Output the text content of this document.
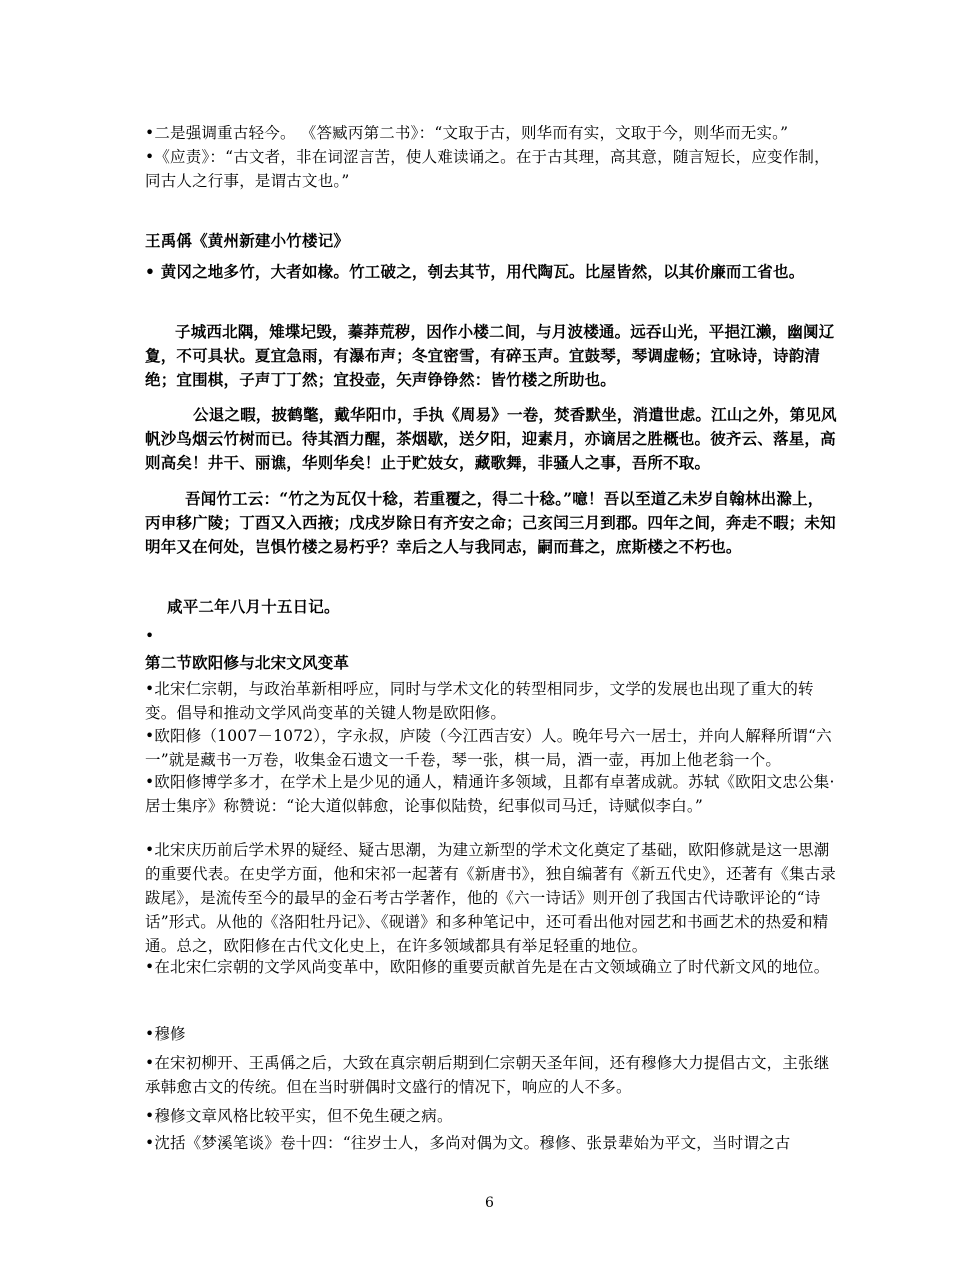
•二是强调重古轻今。 《答臧丙第二书》：“文取于古，则华而有实，文取于今，则华而无实。”

•《应责》：“古文者，非在词涩言苦，使人难读诵之。在于古其理，高其意，随言短长，应变作制，同古人之行事，是谓古文也。”

王禹偁《黄州新建小竹楼记》

• 黄冈之地多竹，大者如椽。竹工破之，刳去其节，用代陶瓦。比屋皆然，以其价廉而工省也。

子城西北隅，雉堞圮毁，蓁莽荒秽，因作小楼二间，与月波楼通。远吞山光，平挹江濑，幽阒辽夐，不可具状。夏宜急雨，有瀑布声；冬宜密雪，有碎玉声。宜鼓琴，琴调虚畅；宜咏诗，诗韵清绝；宜围棋，子声丁丁然；宜投壶，矢声铮铮然：皆竹楼之所助也。

公退之暇，披鹤氅，戴华阳巾，手执《周易》一卷，焚香默坐，消遣世虑。江山之外，第见风帆沙鸟烟云竹树而已。待其酒力醒，茶烟歇，送夕阳，迎素月，亦谪居之胜概也。彼齐云、落星，高则高矣！井干、丽谯，华则华矣！止于贮妓女，藏歌舞，非骚人之事，吾所不取。

吾闻竹工云：“竹之为瓦仅十稔，若重覆之，得二十稔。”噫！吾以至道乙未岁自翰林出滁上，丙申移广陵；丁酉又入西掖；戊戌岁除日有齐安之命；己亥闰三月到郡。四年之间，奔走不暇；未知明年又在何处，岂惧竹楼之易朽乎？幸后之人与我同志，嗣而葺之，庶斯楼之不朽也。

咸平二年八月十五日记。

•

第二节欧阳修与北宋文风变革

•北宋仁宗朝，与政治革新相呼应，同时与学术文化的转型相同步，文学的发展也出现了重大的转变。倡导和推动文学风尚变革的关键人物是欧阳修。

•欧阳修（1007－1072），字永叔，庐陵（今江西吉安）人。晚年号六一居士，并向人解释所谓“六一”就是藏书一万卷，收集金石遗文一千卷，琴一张，棋一局，酒一壶，再加上他老翁一个。

•欧阳修博学多才，在学术上是少见的通人，精通许多领域，且都有卓著成就。苏轼《欧阳文忠公集·居士集序》称赞说：“论大道似韩愈，论事似陆贽，纪事似司马迁，诗赋似李白。”

•北宋庆历前后学术界的疑经、疑古思潮，为建立新型的学术文化奠定了基础，欧阳修就是这一思潮的重要代表。在史学方面，他和宋祁一起著有《新唐书》，独自编著有《新五代史》，还著有《集古录跋尾》，是流传至今的最早的金石考古学著作，他的《六一诗话》则开创了我国古代诗歌评论的“诗话”形式。从他的《洛阳牡丹记》、《砚谱》和多种笔记中，还可看出他对园艺和书画艺术的热爱和精通。总之，欧阳修在古代文化史上，在许多领域都具有举足轻重的地位。

•在北宋仁宗朝的文学风尚变革中，欧阳修的重要贡献首先是在古文领域确立了时代新文风的地位。

•穆修

•在宋初柳开、王禹偁之后，大致在真宗朝后期到仁宗朝天圣年间，还有穆修大力提倡古文，主张继承韩愈古文的传统。但在当时骈偶时文盛行的情况下，响应的人不多。

•穆修文章风格比较平实，但不免生硬之病。

•沈括《梦溪笔谈》卷十四：“往岁士人，多尚对偶为文。穆修、张景辈始为平文，当时谓之古

6
